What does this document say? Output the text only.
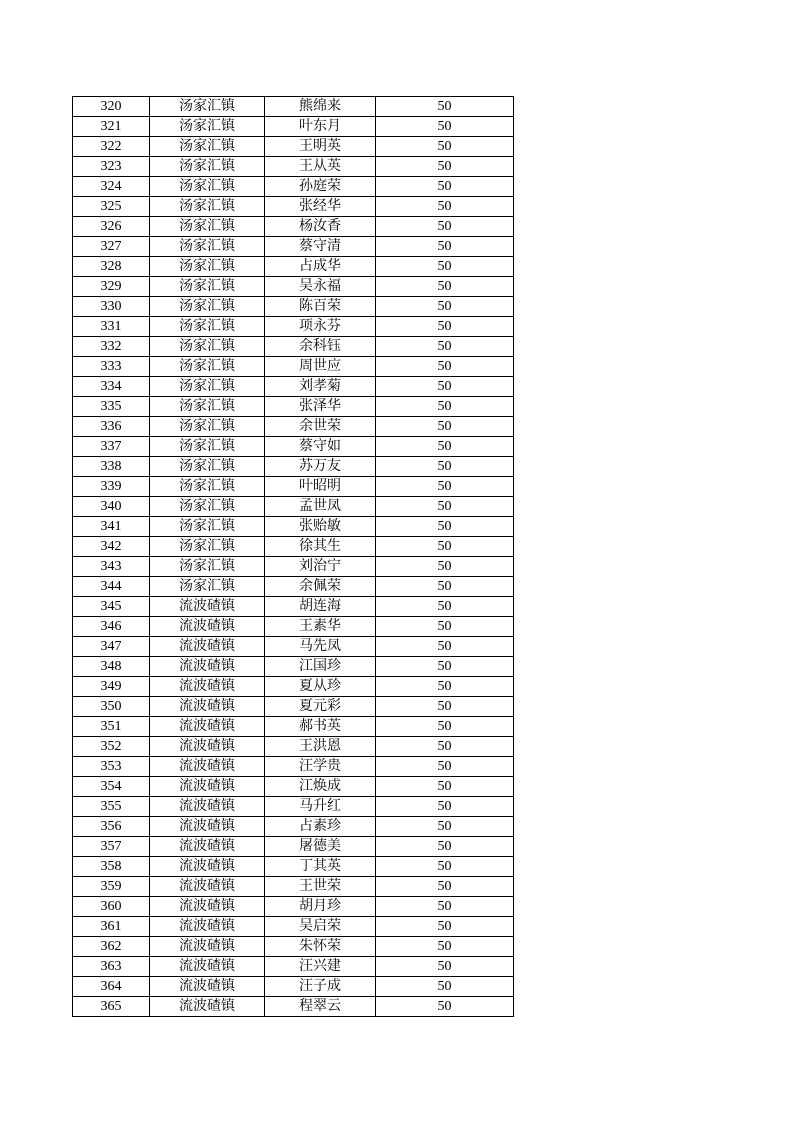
320	汤家汇镇	熊绵来	50
321	汤家汇镇	叶东月	50
322	汤家汇镇	王明英	50
323	汤家汇镇	王从英	50
324	汤家汇镇	孙庭荣	50
325	汤家汇镇	张经华	50
326	汤家汇镇	杨汝香	50
327	汤家汇镇	蔡守清	50
328	汤家汇镇	占成华	50
329	汤家汇镇	吴永福	50
330	汤家汇镇	陈百荣	50
331	汤家汇镇	项永芬	50
332	汤家汇镇	余科钰	50
333	汤家汇镇	周世应	50
334	汤家汇镇	刘孝菊	50
335	汤家汇镇	张泽华	50
336	汤家汇镇	余世荣	50
337	汤家汇镇	蔡守如	50
338	汤家汇镇	苏万友	50
339	汤家汇镇	叶昭明	50
340	汤家汇镇	孟世凤	50
341	汤家汇镇	张贻敏	50
342	汤家汇镇	徐其生	50
343	汤家汇镇	刘治宁	50
344	汤家汇镇	余佩荣	50
345	流波碴镇	胡连海	50
346	流波碴镇	王素华	50
347	流波碴镇	马先凤	50
348	流波碴镇	江国珍	50
349	流波碴镇	夏从珍	50
350	流波碴镇	夏元彩	50
351	流波碴镇	郝书英	50
352	流波碴镇	王洪恩	50
353	流波碴镇	汪学贵	50
354	流波碴镇	江焕成	50
355	流波碴镇	马升红	50
356	流波碴镇	占素珍	50
357	流波碴镇	屠德美	50
358	流波碴镇	丁其英	50
359	流波碴镇	王世荣	50
360	流波碴镇	胡月珍	50
361	流波碴镇	吴启荣	50
362	流波碴镇	朱怀荣	50
363	流波碴镇	汪兴建	50
364	流波碴镇	汪子成	50
365	流波碴镇	程翠云	50
